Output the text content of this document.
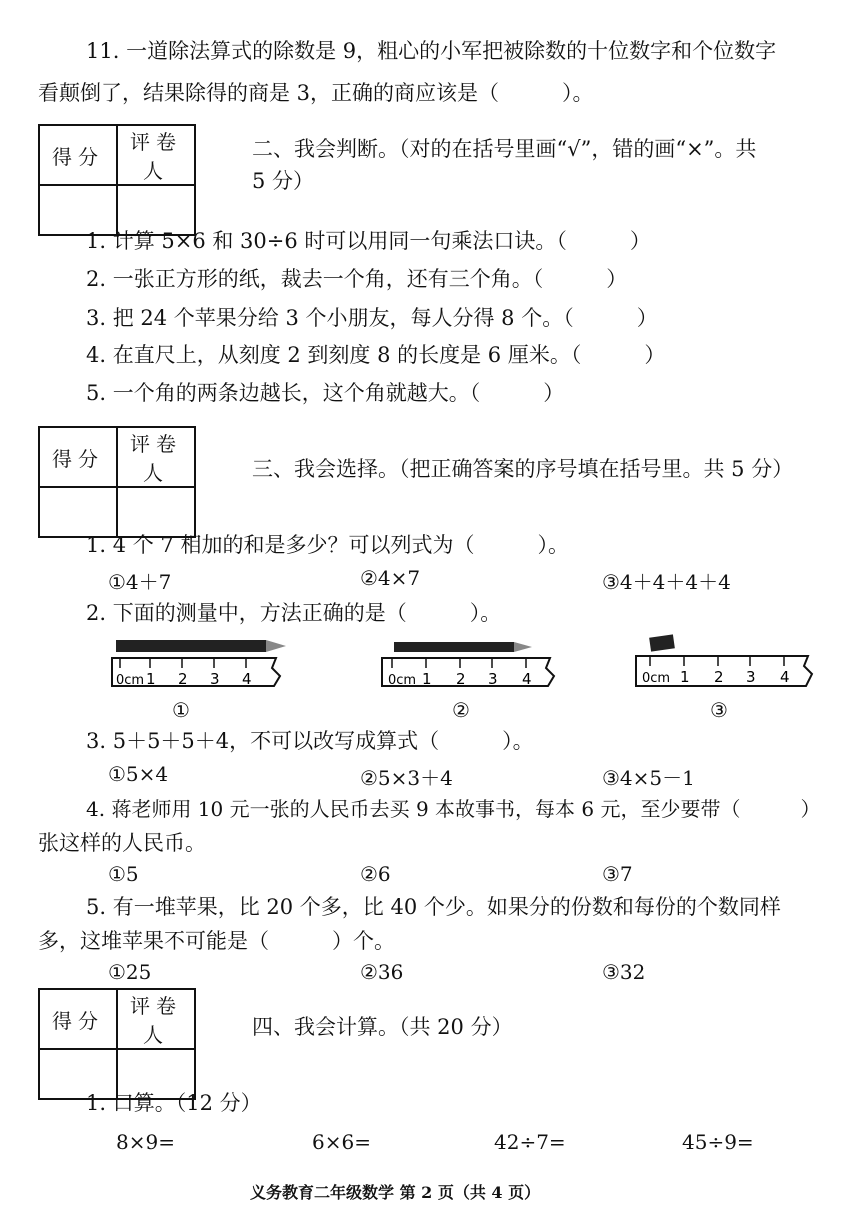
11. 一道除法算式的除数是 9，粗心的小军把被除数的十位数字和个位数字
看颠倒了，结果除得的商是 3，正确的商应该是（　　　）。
得分	评卷人

二、我会判断。（对的在括号里画“√”，错的画“×”。共
5 分）
1. 计算 5×6 和 30÷6 时可以用同一句乘法口诀。（　　　）
2. 一张正方形的纸，裁去一个角，还有三个角。（　　　）
3. 把 24 个苹果分给 3 个小朋友，每人分得 8 个。（　　　）
4. 在直尺上，从刻度 2 到刻度 8 的长度是 6 厘米。（　　　）
5. 一个角的两条边越长，这个角就越大。（　　　）
得分	评卷人
		三、我会选择。（把正确答案的序号填在括号里。共 5 分）
1. 4 个 7 相加的和是多少？可以列式为（　　　）。
①4＋7	②4×7	③4＋4＋4＋4
2. 下面的测量中，方法正确的是（　　　）。
0cm 1 2 3 4
①
0cm 1 2 3 4
②
0cm 1 2 3 4
③
3. 5＋5＋5＋4，不可以改写成算式（　　　）。
①5×4	②5×3＋4	③4×5－1
4. 蒋老师用 10 元一张的人民币去买 9 本故事书，每本 6 元，至少要带（　　　）
张这样的人民币。
①5	②6	③7
5. 有一堆苹果，比 20 个多，比 40 个少。如果分的份数和每份的个数同样
多，这堆苹果不可能是（　　　）个。
①25	②36	③32
得分	评卷人
		四、我会计算。（共 20 分）
1. 口算。（12 分）
8×9=	6×6=	42÷7=	45÷9=
义务教育二年级数学 第 2 页（共 4 页）
